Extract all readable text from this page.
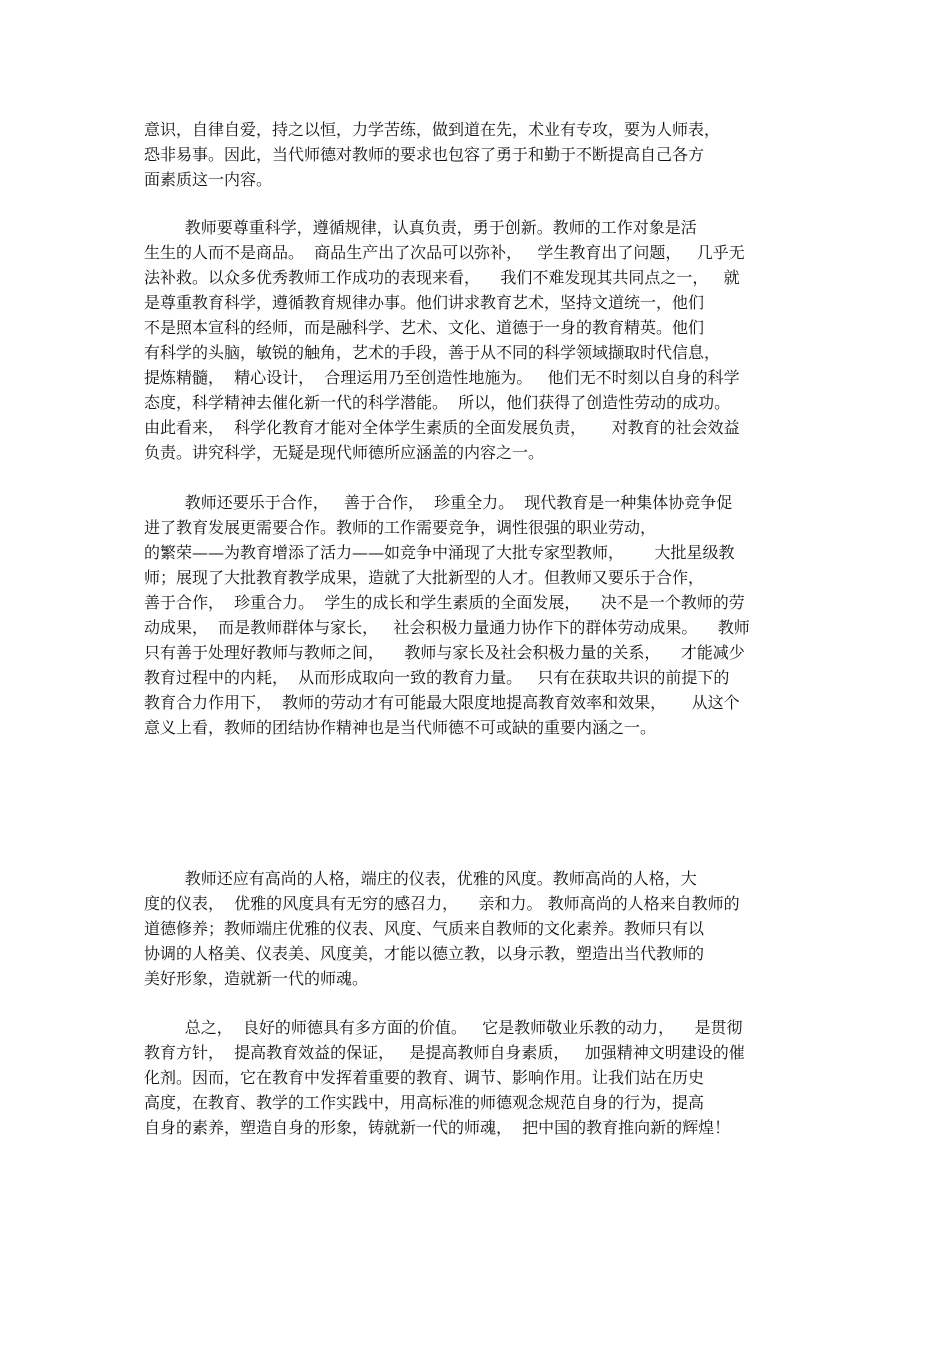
意识，自律自爱，持之以恒，力学苦练，做到道在先，术业有专攻，要为人师表，
恐非易事。因此，当代师德对教师的要求也包容了勇于和勤于不断提高自己各方
面素质这一内容。
教师要尊重科学，遵循规律，认真负责，勇于创新。教师的工作对象是活
生生的人而不是商品。  商品生产出了次品可以弥补，   学生教育出了问题，   几乎无
法补救。以众多优秀教师工作成功的表现来看，    我们不难发现其共同点之一，   就
是尊重教育科学，遵循教育规律办事。他们讲求教育艺术，坚持文道统一，他们
不是照本宣科的经师，而是融科学、艺术、文化、道德于一身的教育精英。他们
有科学的头脑，敏锐的触角，艺术的手段，善于从不同的科学领域撷取时代信息，
提炼精髓，  精心设计，  合理运用乃至创造性地施为。   他们无不时刻以自身的科学
态度，科学精神去催化新一代的科学潜能。  所以，他们获得了创造性劳动的成功。
由此看来，  科学化教育才能对全体学生素质的全面发展负责，     对教育的社会效益
负责。讲究科学，无疑是现代师德所应涵盖的内容之一。
教师还要乐于合作，   善于合作，  珍重全力。  现代教育是一种集体协竞争促
进了教育发展更需要合作。教师的工作需要竞争，调性很强的职业劳动，
的繁荣——为教育增添了活力——如竞争中涌现了大批专家型教师，      大批星级教
师；展现了大批教育教学成果，造就了大批新型的人才。但教师又要乐于合作，
善于合作，  珍重合力。  学生的成长和学生素质的全面发展，    决不是一个教师的劳
动成果，  而是教师群体与家长，   社会积极力量通力协作下的群体劳动成果。    教师
只有善于处理好教师与教师之间，    教师与家长及社会积极力量的关系，    才能减少
教育过程中的内耗，  从而形成取向一致的教育力量。   只有在获取共识的前提下的
教育合力作用下，  教师的劳动才有可能最大限度地提高教育效率和效果，     从这个
意义上看，教师的团结协作精神也是当代师德不可或缺的重要内涵之一。
教师还应有高尚的人格，端庄的仪表，优雅的风度。教师高尚的人格，大
度的仪表，  优雅的风度具有无穷的感召力，    亲和力。 教师高尚的人格来自教师的
道德修养；教师端庄优雅的仪表、风度、气质来自教师的文化素养。教师只有以
协调的人格美、仪表美、风度美，才能以德立教，以身示教，塑造出当代教师的
美好形象，造就新一代的师魂。
总之，  良好的师德具有多方面的价值。   它是教师敬业乐教的动力，    是贯彻
教育方针，  提高教育效益的保证，   是提高教师自身素质，   加强精神文明建设的催
化剂。因而，它在教育中发挥着重要的教育、调节、影响作用。让我们站在历史
高度，在教育、教学的工作实践中，用高标准的师德观念规范自身的行为，提高
自身的素养，塑造自身的形象，铸就新一代的师魂，  把中国的教育推向新的辉煌！
